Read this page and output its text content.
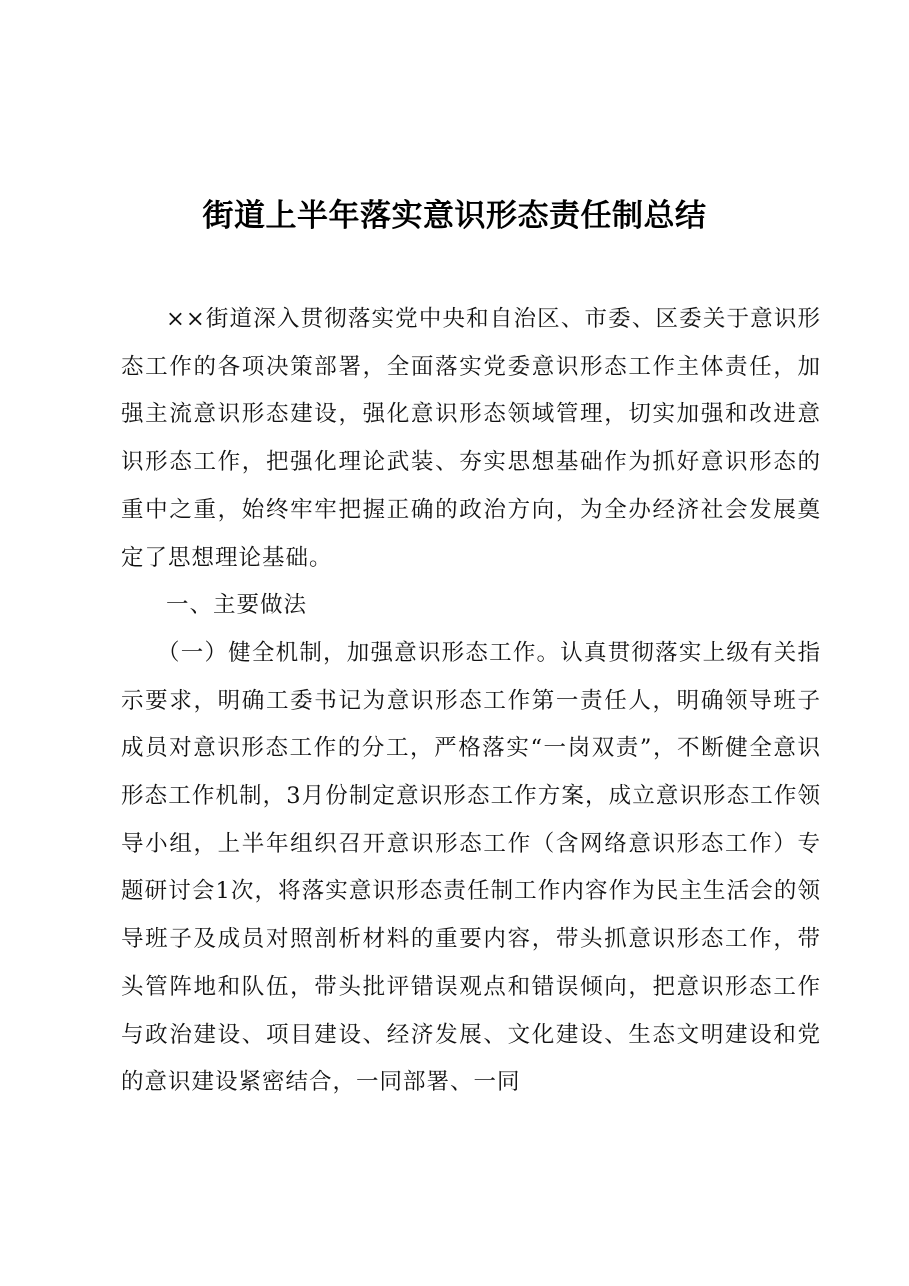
街道上半年落实意识形态责任制总结

××街道深入贯彻落实党中央和自治区、市委、区委关于意识形态工作的各项决策部署，全面落实党委意识形态工作主体责任，加强主流意识形态建设，强化意识形态领域管理，切实加强和改进意识形态工作，把强化理论武装、夯实思想基础作为抓好意识形态的重中之重，始终牢牢把握正确的政治方向，为全办经济社会发展奠定了思想理论基础。

一、主要做法

（一）健全机制，加强意识形态工作。认真贯彻落实上级有关指示要求，明确工委书记为意识形态工作第一责任人，明确领导班子成员对意识形态工作的分工，严格落实“一岗双责”，不断健全意识形态工作机制，3月份制定意识形态工作方案，成立意识形态工作领导小组，上半年组织召开意识形态工作（含网络意识形态工作）专题研讨会1次，将落实意识形态责任制工作内容作为民主生活会的领导班子及成员对照剖析材料的重要内容，带头抓意识形态工作，带头管阵地和队伍，带头批评错误观点和错误倾向，把意识形态工作与政治建设、项目建设、经济发展、文化建设、生态文明建设和党的意识建设紧密结合，一同部署、一同
